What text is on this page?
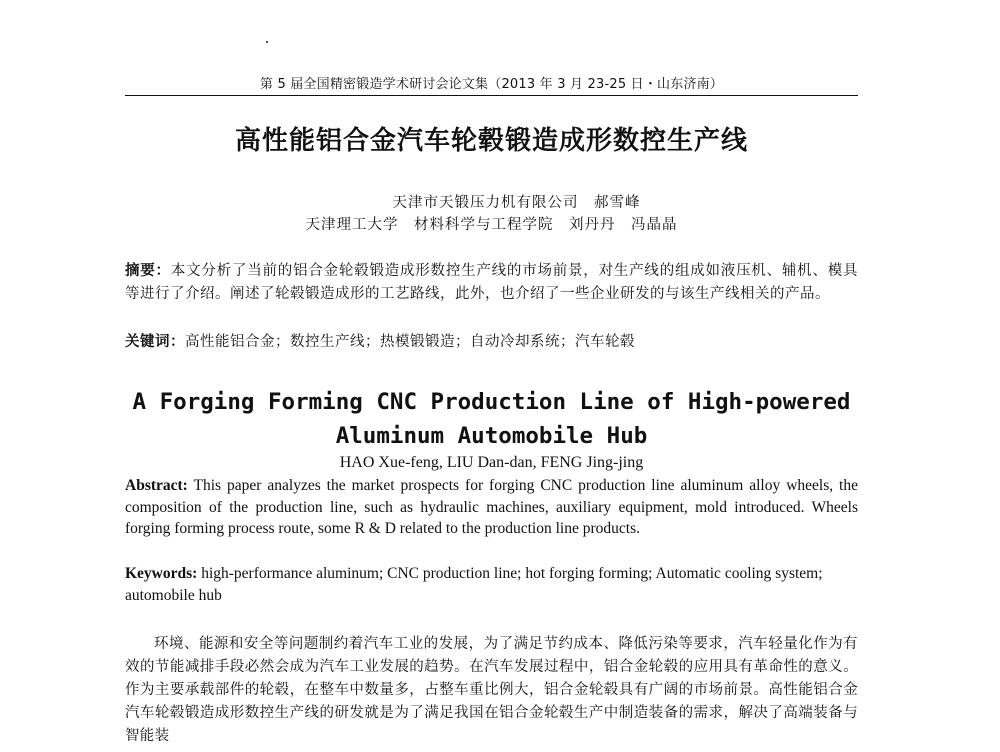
第 5 届全国精密锻造学术研讨会论文集（2013 年 3 月 23-25 日・山东济南）
高性能铝合金汽车轮毂锻造成形数控生产线
天津市天锻压力机有限公司　郝雪峰
天津理工大学　材料科学与工程学院　刘丹丹　冯晶晶
摘要：本文分析了当前的铝合金轮毂锻造成形数控生产线的市场前景，对生产线的组成如液压机、辅机、模具等进行了介绍。阐述了轮毂锻造成形的工艺路线，此外，也介绍了一些企业研发的与该生产线相关的产品。
关键词：高性能铝合金；数控生产线；热模锻锻造；自动冷却系统；汽车轮毂
A Forging Forming CNC Production Line of High-powered
Aluminum Automobile Hub
HAO Xue-feng, LIU Dan-dan, FENG Jing-jing
Abstract: This paper analyzes the market prospects for forging CNC production line aluminum alloy wheels, the composition of the production line, such as hydraulic machines, auxiliary equipment, mold introduced. Wheels forging forming process route, some R & D related to the production line products.
Keywords: high-performance aluminum; CNC production line; hot forging forming; Automatic cooling system; automobile hub
环境、能源和安全等问题制约着汽车工业的发展，为了满足节约成本、降低污染等要求，汽车轻量化作为有效的节能减排手段必然会成为汽车工业发展的趋势。在汽车发展过程中，铝合金轮毂的应用具有革命性的意义。作为主要承载部件的轮毂，在整车中数量多，占整车重比例大，铝合金轮毂具有广阔的市场前景。高性能铝合金汽车轮毂锻造成形数控生产线的研发就是为了满足我国在铝合金轮毂生产中制造装备的需求，解决了高端装备与智能装
